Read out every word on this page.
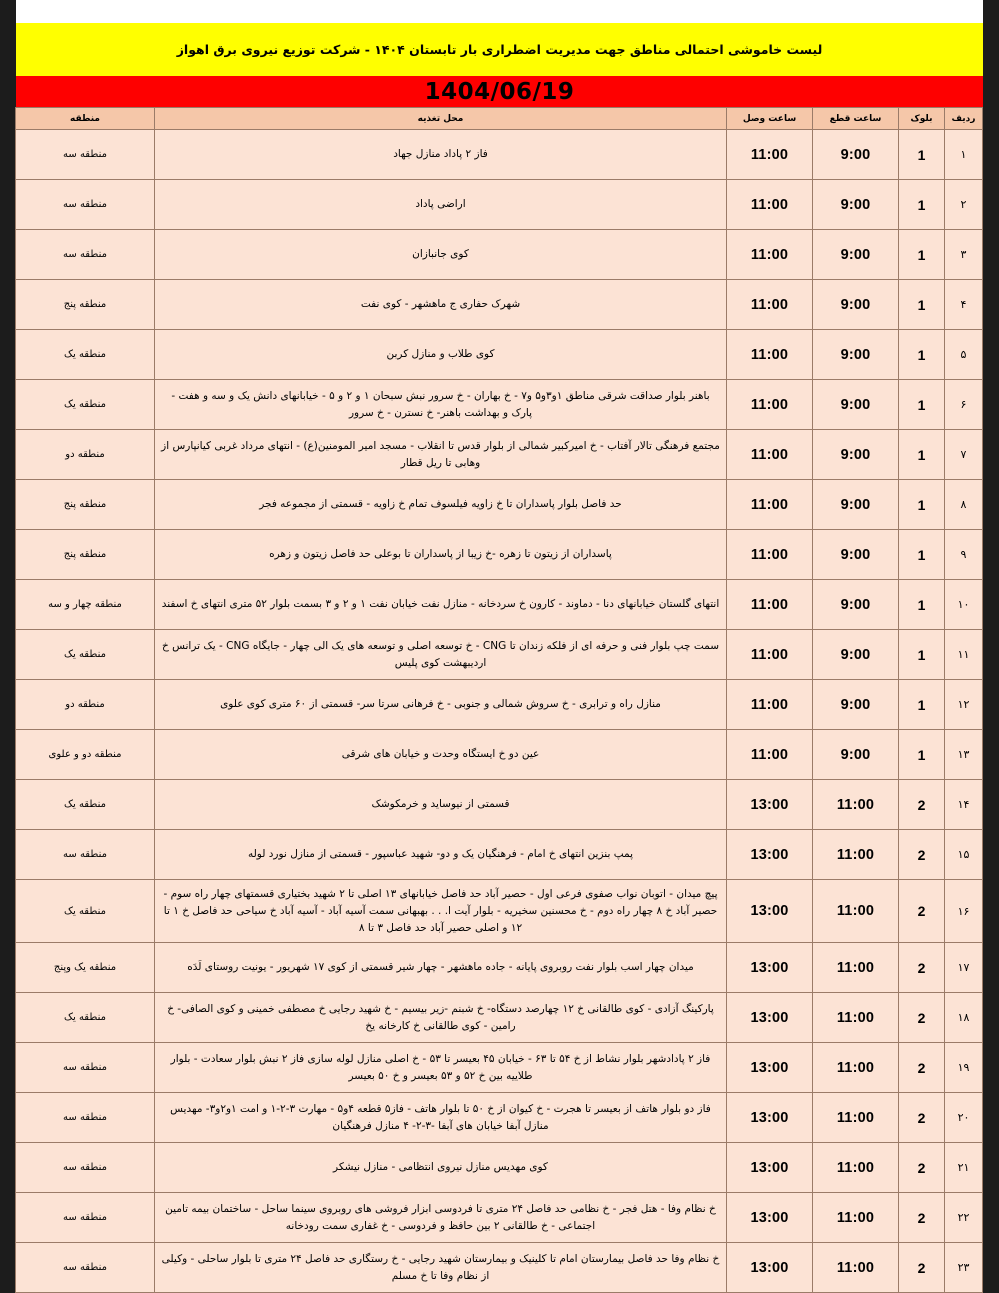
لیست خاموشی احتمالی مناطق جهت مدیریت اضطراری بار تابستان ۱۴۰۴ - شرکت توزیع نیروی برق اهواز
1404/06/19
ردیف	بلوک	ساعت قطع	ساعت وصل	محل تغذیه	منطقه
۱	1	9:00	11:00	فاز ۲ پاداد منازل جهاد	منطقه سه
۲	1	9:00	11:00	اراضی پاداد	منطقه سه
۳	1	9:00	11:00	کوی جانبازان	منطقه سه
۴	1	9:00	11:00	شهرک حفاری ج ماهشهر - کوی نفت	منطقه پنج
۵	1	9:00	11:00	کوی طلاب و منازل کربن	منطقه یک
۶	1	9:00	11:00	باهنر بلوار صداقت شرقی مناطق ۱و۳و۵ و۷ - خ بهاران - خ سرور نبش سبحان ۱ و ۲ و ۵ - خیابانهای دانش یک و سه و هفت - پارک و بهداشت باهنر- خ نسترن - خ سرور	منطقه یک
۷	1	9:00	11:00	مجتمع فرهنگی تالار آفتاب - خ امیرکبیر شمالی از بلوار قدس تا انقلاب - مسجد امیر المومنین(ع) - انتهای مرداد غربی کیانپارس از وهابی تا ریل قطار	منطقه دو
۸	1	9:00	11:00	حد فاصل بلوار پاسداران تا خ زاویه فیلسوف تمام خ زاویه - قسمتی از مجموعه فجر	منطقه پنج
۹	1	9:00	11:00	پاسداران از زیتون تا زهره -خ زیبا از پاسداران تا بوعلی حد فاصل زیتون و زهره	منطقه پنج
۱۰	1	9:00	11:00	انتهای گلستان خیابانهای دنا - دماوند - کارون خ سردخانه - منازل نفت خیابان نفت ۱ و ۲ و ۳ بسمت بلوار ۵۲ متری انتهای خ اسفند	منطقه چهار و سه
۱۱	1	9:00	11:00	سمت چپ بلوار فنی و حرفه ای از فلکه زندان تا CNG - خ توسعه اصلی و توسعه های یک الی چهار - جایگاه CNG - یک ترانس خ اردیبهشت کوی پلیس	منطقه یک
۱۲	1	9:00	11:00	منازل راه و ترابری - خ سروش شمالی و جنوبی - خ فرهانی سرتا سر- قسمتی از ۶۰ متری کوی علوی	منطقه دو
۱۳	1	9:00	11:00	عین دو خ ایستگاه وحدت و خیابان های شرقی	منطقه دو و علوی
۱۴	2	11:00	13:00	قسمتی از نیوساید و خرمکوشک	منطقه یک
۱۵	2	11:00	13:00	پمپ بنزین انتهای خ امام - فرهنگیان یک و دو- شهید عباسپور - قسمتی از منازل نورد لوله	منطقه سه
۱۶	2	11:00	13:00	پیچ میدان - اتوبان نواب صفوی فرعی اول - حصیر آباد حد فاصل خیابانهای ۱۳ اصلی تا ۲ شهید بختیاری قسمتهای چهار راه سوم - حصیر آباد خ ۸ چهار راه دوم - خ محسنین سخیریه - بلوار آیت ا. . . بهبهانی سمت آسیه آباد - آسیه آباد خ سیاحی حد فاصل خ ۱ تا ۱۲ و اصلی حصیر آباد حد فاصل ۳ تا ۸	منطقه یک
۱۷	2	11:00	13:00	میدان چهار اسب بلوار نفت روبروی پایانه - جاده ماهشهر - چهار شیر قسمتی از کوی ۱۷ شهریور - یونیت روستای لَدَه	منطقه یک وپنج
۱۸	2	11:00	13:00	پارکینگ آزادی - کوی طالقانی خ ۱۲ چهارصد دستگاه- خ شبنم -زیر بیسیم - خ شهید رجایی خ مصطفی خمینی و کوی الصافی- خ رامین - کوی طالقانی خ کارخانه یخ	منطقه یک
۱۹	2	11:00	13:00	فاز ۲ پادادشهر بلوار نشاط از خ ۵۴ تا ۶۳ - خیابان ۴۵ بعیسر تا ۵۳ - خ اصلی منازل لوله سازی فاز ۲ نبش بلوار سعادت - بلوار طلاییه بین خ ۵۲ و ۵۳ بعیسر و خ ۵۰ بعیسر	منطقه سه
۲۰	2	11:00	13:00	فاز دو بلوار هاتف از بعیسر تا هجرت - خ کیوان از خ ۵۰ تا بلوار هاتف - فاز۵ قطعه ۴و۵ - مهارت ۳-۲-۱ و امت ۱و۲و۳- مهدیس منازل آبفا خیابان های آبفا -۳-۲- ۴ منازل فرهنگیان	منطقه سه
۲۱	2	11:00	13:00	کوی مهدیس منازل نیروی انتظامی - منازل نیشکر	منطقه سه
۲۲	2	11:00	13:00	خ نظام وفا - هتل فجر - خ نظامی حد فاصل ۲۴ متری تا فردوسی ابزار فروشی های روبروی سینما ساحل - ساختمان بیمه تامین اجتماعی - خ طالقانی ۲ بین حافظ و فردوسی - خ غفاری سمت رودخانه	منطقه سه
۲۳	2	11:00	13:00	خ نظام وفا حد فاصل بیمارستان امام تا کلینیک و بیمارستان شهید رجایی - خ رستگاری حد فاصل ۲۴ متری تا بلوار ساحلی - وکیلی از نظام وفا تا خ مسلم	منطقه سه
